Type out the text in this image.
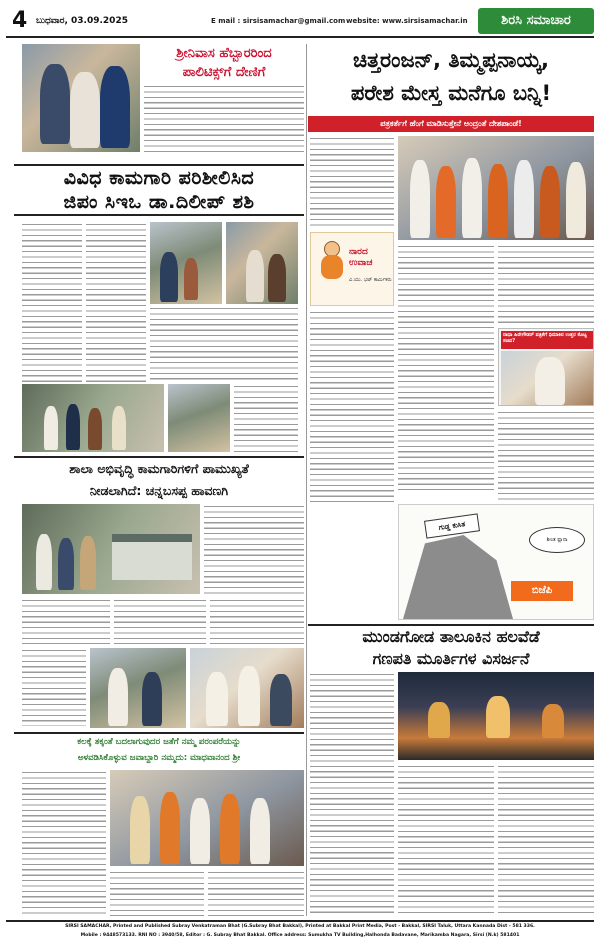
4 ಬುಧವಾರ, 03.09.2025	E mail : sirsisamachar@gmail.com website: www.sirsisamachar.in	ಶಿರಸಿ ಸಮಾಚಾರ
ಶ್ರೀನಿವಾಸ ಹೆಬ್ಬಾರರಿಂದ
ಪಾಲಿಟಿಕ್ಸ್‌ಗೆ ದೇಣಿಗೆ
ವಿವಿಧ ಕಾಮಗಾರಿ ಪರಿಶೀಲಿಸಿದ
ಜಿಪಂ ಸಿಇಒ ಡಾ.ದಿಲೀಪ್ ಶಶಿ
ಚಿತ್ತರಂಜನ್, ತಿಮ್ಮಪ್ಪನಾಯ್ಕ,
ಪರೇಶ ಮೇಸ್ತ ಮನೆಗೂ ಬನ್ನಿ!
ಪತ್ರಕರ್ತೆಗೆ ಹೆಂಗೆ ಮಾಡಿಸುತ್ತೇನೆ ಅಂದ್ರಂತೆ ದೇಶಪಾಂಡೆ!
ನಾರದ ಉವಾಚ
ವಿ.ಯು. ಭಟ್ ಕಾರ್ಮಿಕರು
ರಾಧಾ ಹಿರೇಗೌಡರ್ ಪತ್ರಿಕೆಗೆ ಧಿಮಾಕಿನ ಉತ್ತರ ಕೊಟ್ಟ ಸಚಿವ?
ಶಾಲಾ ಅಭಿವೃದ್ಧಿ ಕಾಮಗಾರಿಗಳಿಗೆ ಪಾಮುಖ್ಯತೆ
ನೀಡಲಾಗಿದೆ: ಚನ್ನಬಸಪ್ಪ ಹಾವಣಗಿ
ಗುಡ್ಡ ಕುಸಿತ
ಬಿಜೆಪಿ
ಶೀಂತ ಪ್ಲಾನಾ
ಮುಂಡಗೋಡ ತಾಲೂಕಿನ ಹಲವೆಡೆ
ಗಣಪತಿ ಮೂರ್ತಿಗಳ ವಿಸರ್ಜನೆ
ಕಲಕ್ಕೆ ತಕ್ಕಂತೆ ಬದಲಾಗುವುದರ ಜತೆಗೆ ನಮ್ಮ ಪರಂಪರೆಯನ್ನು
ಅಳವಡಿಸಿಕೊಳ್ಳುವ ಜವಾಬ್ದಾರಿ ನಮ್ಮದು: ಮಾಧವಾನಂದ ಶ್ರೀ
SIRSI SAMACHAR, Printed and Published Subray Venkatraman Bhat (G.Subray Bhat Bakkal), Printed at Bakkal Print Media, Post - Bakkal, SIRSI Taluk, Uttara Kannada Dist - 581 336.
Mobile : 9448573133. RNI NO : 3940/58, Editor : G. Subray Bhat Bakkal. Office address: Sumukha TV Building,Halhonda Badavane, Marikamba Nagara, Sirsi (N.k) 581401
